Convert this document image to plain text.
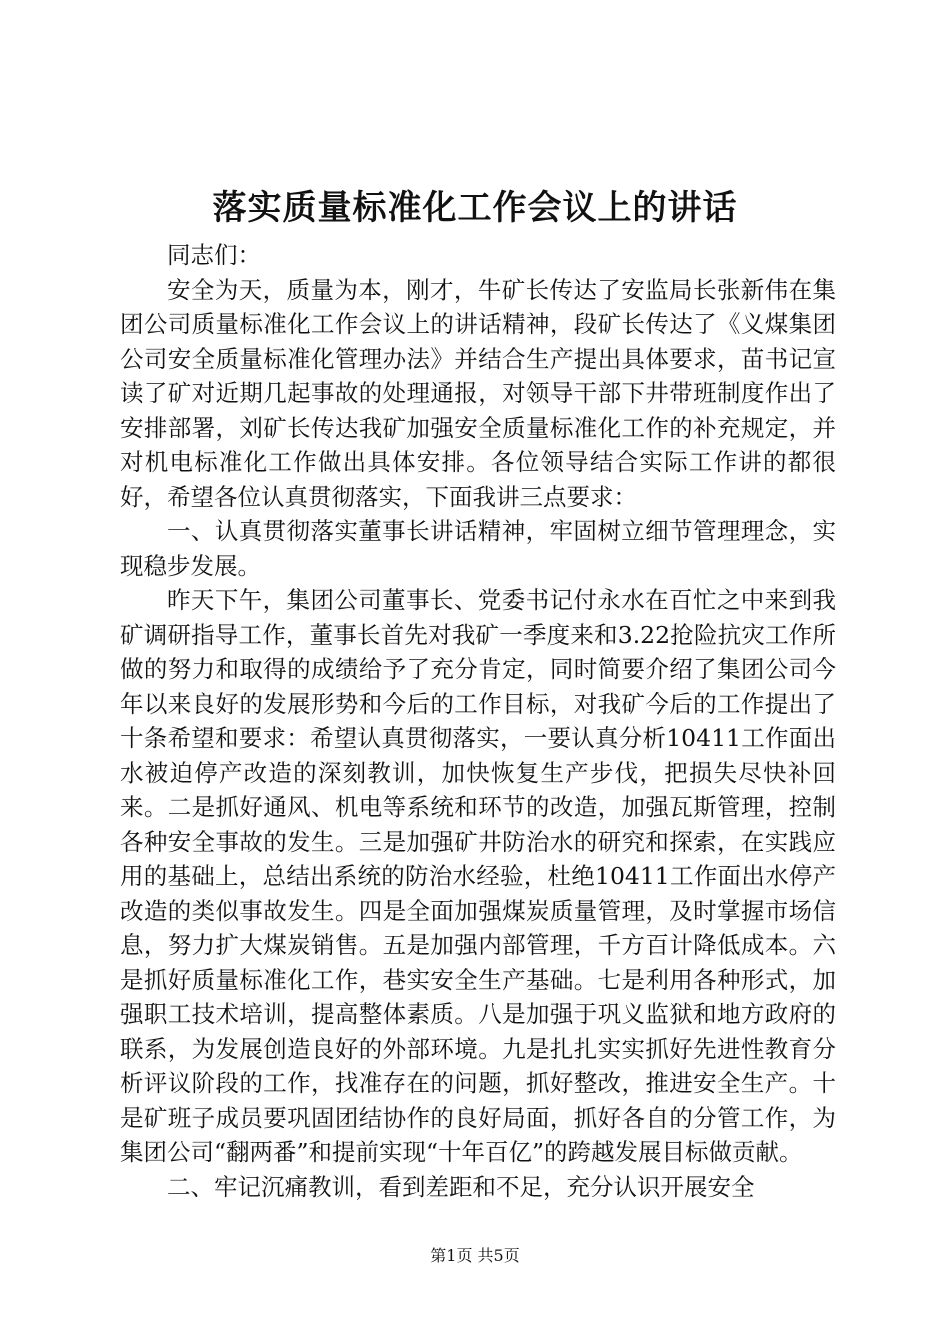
落实质量标准化工作会议上的讲话

同志们：

安全为天，质量为本，刚才，牛矿长传达了安监局长张新伟在集团公司质量标准化工作会议上的讲话精神，段矿长传达了《义煤集团公司安全质量标准化管理办法》并结合生产提出具体要求，苗书记宣读了矿对近期几起事故的处理通报，对领导干部下井带班制度作出了安排部署，刘矿长传达我矿加强安全质量标准化工作的补充规定，并对机电标准化工作做出具体安排。各位领导结合实际工作讲的都很好，希望各位认真贯彻落实，下面我讲三点要求：

一、认真贯彻落实董事长讲话精神，牢固树立细节管理理念，实现稳步发展。

昨天下午，集团公司董事长、党委书记付永水在百忙之中来到我矿调研指导工作，董事长首先对我矿一季度来和3.22抢险抗灾工作所做的努力和取得的成绩给予了充分肯定，同时简要介绍了集团公司今年以来良好的发展形势和今后的工作目标，对我矿今后的工作提出了十条希望和要求：希望认真贯彻落实，一要认真分析10411工作面出水被迫停产改造的深刻教训，加快恢复生产步伐，把损失尽快补回来。二是抓好通风、机电等系统和环节的改造，加强瓦斯管理，控制各种安全事故的发生。三是加强矿井防治水的研究和探索，在实践应用的基础上，总结出系统的防治水经验，杜绝10411工作面出水停产改造的类似事故发生。四是全面加强煤炭质量管理，及时掌握市场信息，努力扩大煤炭销售。五是加强内部管理，千方百计降低成本。六是抓好质量标准化工作，巷实安全生产基础。七是利用各种形式，加强职工技术培训，提高整体素质。八是加强于巩义监狱和地方政府的联系，为发展创造良好的外部环境。九是扎扎实实抓好先进性教育分析评议阶段的工作，找准存在的问题，抓好整改，推进安全生产。十是矿班子成员要巩固团结协作的良好局面，抓好各自的分管工作，为集团公司“翻两番”和提前实现“十年百亿”的跨越发展目标做贡献。

二、牢记沉痛教训，看到差距和不足，充分认识开展安全

第1页 共5页
